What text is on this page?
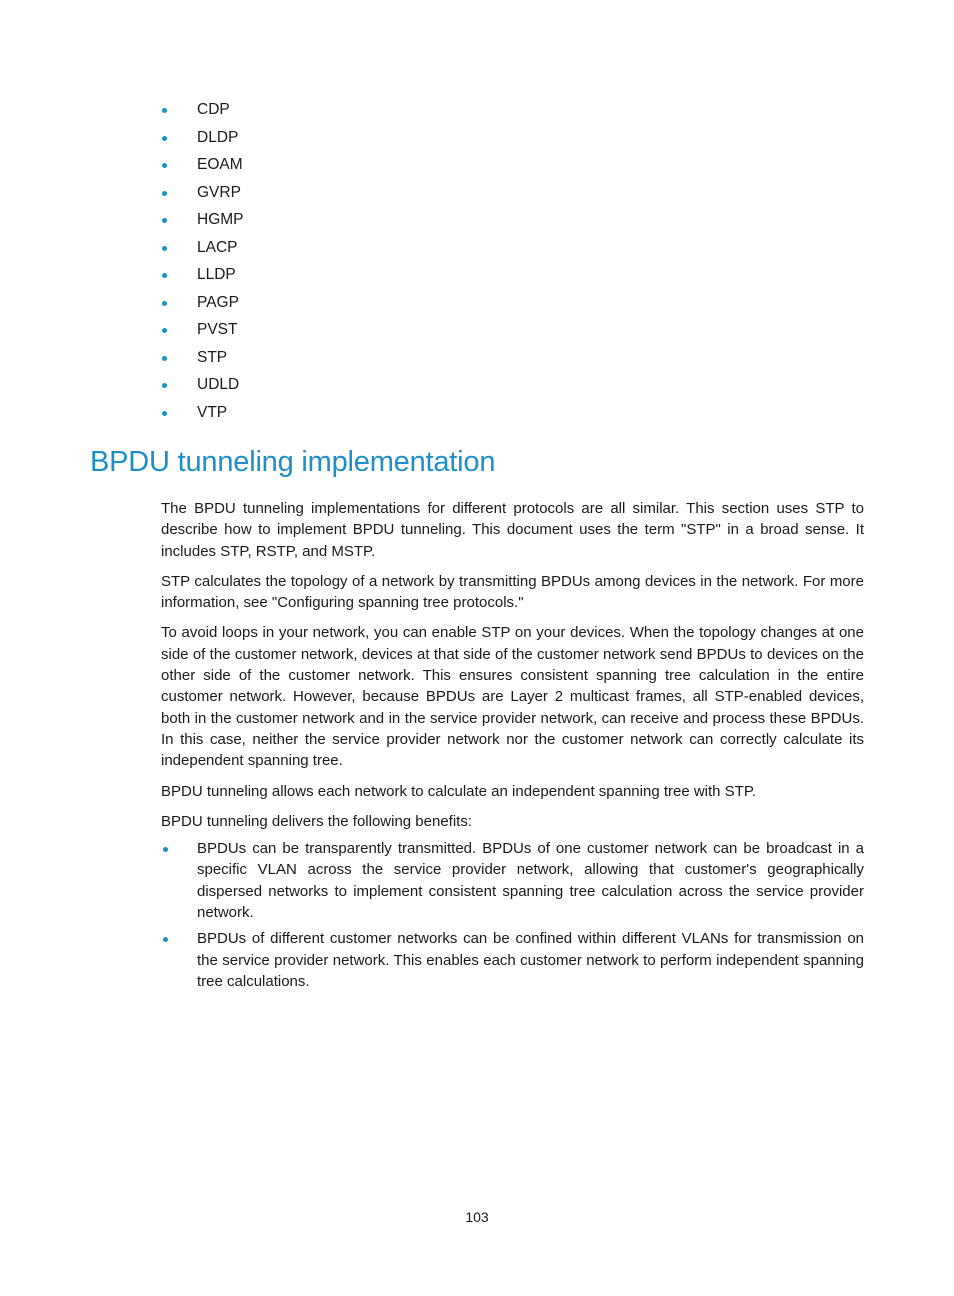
CDP
DLDP
EOAM
GVRP
HGMP
LACP
LLDP
PAGP
PVST
STP
UDLD
VTP
BPDU tunneling implementation

The BPDU tunneling implementations for different protocols are all similar. This section uses STP to describe how to implement BPDU tunneling. This document uses the term "STP" in a broad sense. It includes STP, RSTP, and MSTP.

STP calculates the topology of a network by transmitting BPDUs among devices in the network. For more information, see "Configuring spanning tree protocols."

To avoid loops in your network, you can enable STP on your devices. When the topology changes at one side of the customer network, devices at that side of the customer network send BPDUs to devices on the other side of the customer network. This ensures consistent spanning tree calculation in the entire customer network. However, because BPDUs are Layer 2 multicast frames, all STP-enabled devices, both in the customer network and in the service provider network, can receive and process these BPDUs. In this case, neither the service provider network nor the customer network can correctly calculate its independent spanning tree.

BPDU tunneling allows each network to calculate an independent spanning tree with STP.

BPDU tunneling delivers the following benefits:

BPDUs can be transparently transmitted. BPDUs of one customer network can be broadcast in a specific VLAN across the service provider network, allowing that customer's geographically dispersed networks to implement consistent spanning tree calculation across the service provider network.
BPDUs of different customer networks can be confined within different VLANs for transmission on the service provider network. This enables each customer network to perform independent spanning tree calculations.
103
